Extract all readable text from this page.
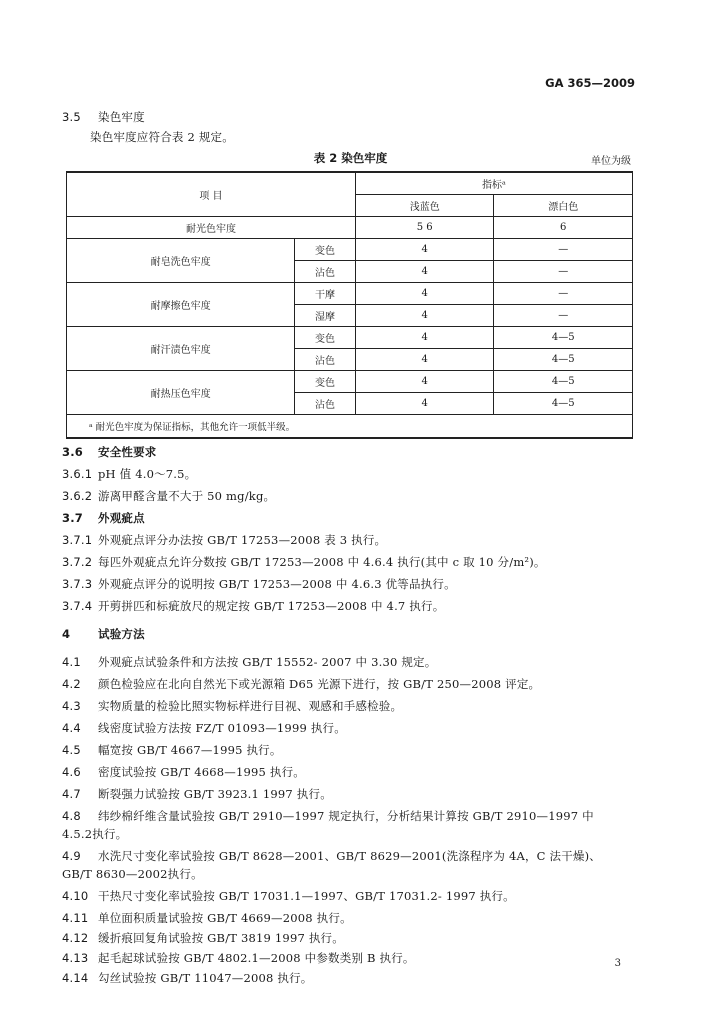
GA 365—2009
3.5 染色牢度
染色牢度应符合表 2 规定。
表 2 染色牢度	单位为级
项 目		指标ᵃ	
		浅蓝色	漂白色
耐光色牢度		5 6	6
耐皂洗色牢度	变色	4	—
	沾色	4	—
耐摩擦色牢度	干摩	4	—
	湿摩	4	—
耐汗渍色牢度	变色	4	4—5
	沾色	4	4—5
耐热压色牢度	变色	4	4—5
	沾色	4	4—5
ᵃ 耐光色牢度为保证指标，其他允许一项低半级。			
3.6 安全性要求
3.6.1 pH 值 4.0～7.5。
3.6.2 游离甲醛含量不大于 50 mg/kg。
3.7 外观疵点
3.7.1 外观疵点评分办法按 GB/T 17253—2008 表 3 执行。
3.7.2 每匹外观疵点允许分数按 GB/T 17253—2008 中 4.6.4 执行(其中 c 取 10 分/m²)。
3.7.3 外观疵点评分的说明按 GB/T 17253—2008 中 4.6.3 优等品执行。
3.7.4 开剪拼匹和标疵放尺的规定按 GB/T 17253—2008 中 4.7 执行。
4 试验方法
4.1 外观疵点试验条件和方法按 GB/T 15552- 2007 中 3.30 规定。
4.2 颜色检验应在北向自然光下或光源箱 D65 光源下进行，按 GB/T 250—2008 评定。
4.3 实物质量的检验比照实物标样进行目视、观感和手感检验。
4.4 线密度试验方法按 FZ/T 01093—1999 执行。
4.5 幅宽按 GB/T 4667—1995 执行。
4.6 密度试验按 GB/T 4668—1995 执行。
4.7 断裂强力试验按 GB/T 3923.1 1997 执行。
4.8 纬纱棉纤维含量试验按 GB/T 2910—1997 规定执行，分析结果计算按 GB/T 2910—1997 中
4.5.2执行。
4.9 水洗尺寸变化率试验按 GB/T 8628—2001、GB/T 8629—2001(洗涤程序为 4A，C 法干燥)、
GB/T 8630—2002执行。
4.10 干热尺寸变化率试验按 GB/T 17031.1—1997、GB/T 17031.2- 1997 执行。
4.11 单位面积质量试验按 GB/T 4669—2008 执行。
4.12 缓折痕回复角试验按 GB/T 3819 1997 执行。
4.13 起毛起球试验按 GB/T 4802.1—2008 中参数类别 B 执行。
4.14 勾丝试验按 GB/T 11047—2008 执行。
3
